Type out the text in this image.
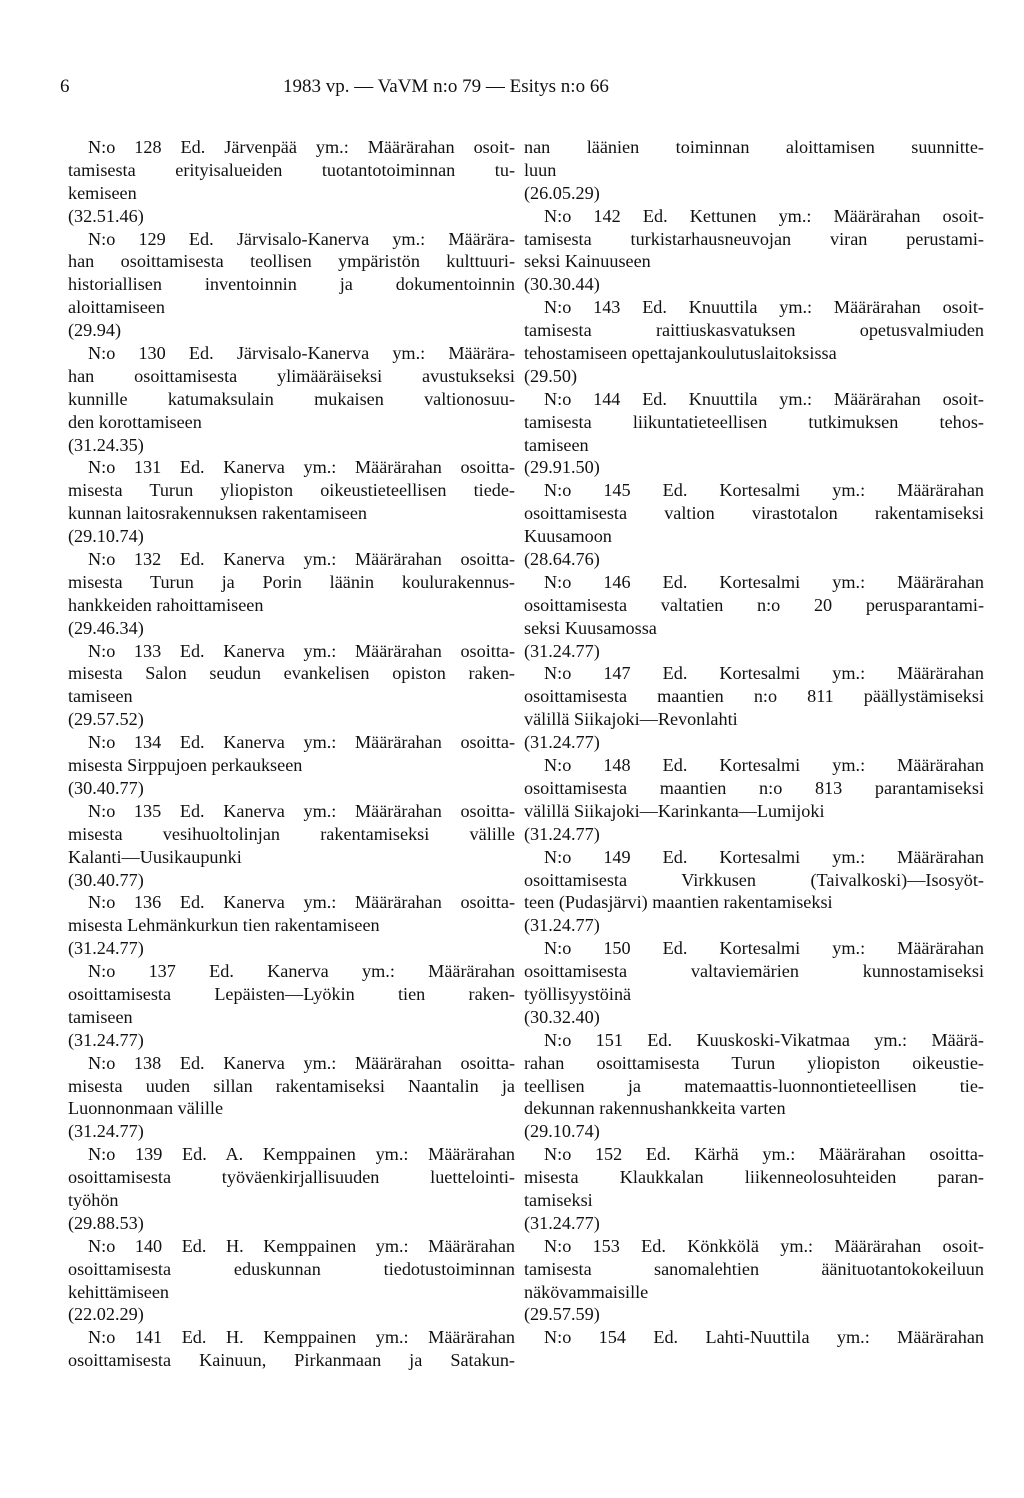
6	1983 vp. — VaVM n:o 79 — Esitys n:o 66
N:o 128 Ed. Järvenpää ym.: Määrärahan osoit-
tamisesta erityisalueiden tuotantotoiminnan tu-
kemiseen
(32.51.46)
N:o 129 Ed. Järvisalo-Kanerva ym.: Määrära-
han osoittamisesta teollisen ympäristön kulttuuri-
historiallisen inventoinnin ja dokumentoinnin
aloittamiseen
(29.94)
N:o 130 Ed. Järvisalo-Kanerva ym.: Määrära-
han osoittamisesta ylimääräiseksi avustukseksi
kunnille katumaksulain mukaisen valtionosuu-
den korottamiseen
(31.24.35)
N:o 131 Ed. Kanerva ym.: Määrärahan osoitta-
misesta Turun yliopiston oikeustieteellisen tiede-
kunnan laitosrakennuksen rakentamiseen
(29.10.74)
N:o 132 Ed. Kanerva ym.: Määrärahan osoitta-
misesta Turun ja Porin läänin koulurakennus-
hankkeiden rahoittamiseen
(29.46.34)
N:o 133 Ed. Kanerva ym.: Määrärahan osoitta-
misesta Salon seudun evankelisen opiston raken-
tamiseen
(29.57.52)
N:o 134 Ed. Kanerva ym.: Määrärahan osoitta-
misesta Sirppujoen perkaukseen
(30.40.77)
N:o 135 Ed. Kanerva ym.: Määrärahan osoitta-
misesta vesihuoltolinjan rakentamiseksi välille
Kalanti—Uusikaupunki
(30.40.77)
N:o 136 Ed. Kanerva ym.: Määrärahan osoitta-
misesta Lehmänkurkun tien rakentamiseen
(31.24.77)
N:o 137 Ed. Kanerva ym.: Määrärahan
osoittamisesta Lepäisten—Lyökin tien raken-
tamiseen
(31.24.77)
N:o 138 Ed. Kanerva ym.: Määrärahan osoitta-
misesta uuden sillan rakentamiseksi Naantalin ja
Luonnonmaan välille
(31.24.77)
N:o 139 Ed. A. Kemppainen ym.: Määrärahan
osoittamisesta työväenkirjallisuuden luettelointi-
työhön
(29.88.53)
N:o 140 Ed. H. Kemppainen ym.: Määrärahan
osoittamisesta eduskunnan tiedotustoiminnan
kehittämiseen
(22.02.29)
N:o 141 Ed. H. Kemppainen ym.: Määrärahan
osoittamisesta Kainuun, Pirkanmaan ja Satakun-
nan läänien toiminnan aloittamisen suunnitte-
luun
(26.05.29)
N:o 142 Ed. Kettunen ym.: Määrärahan osoit-
tamisesta turkistarhausneuvojan viran perustami-
seksi Kainuuseen
(30.30.44)
N:o 143 Ed. Knuuttila ym.: Määrärahan osoit-
tamisesta raittiuskasvatuksen opetusvalmiuden
tehostamiseen opettajankoulutuslaitoksissa
(29.50)
N:o 144 Ed. Knuuttila ym.: Määrärahan osoit-
tamisesta liikuntatieteellisen tutkimuksen tehos-
tamiseen
(29.91.50)
N:o 145 Ed. Kortesalmi ym.: Määrärahan
osoittamisesta valtion virastotalon rakentamiseksi
Kuusamoon
(28.64.76)
N:o 146 Ed. Kortesalmi ym.: Määrärahan
osoittamisesta valtatien n:o 20 perusparantami-
seksi Kuusamossa
(31.24.77)
N:o 147 Ed. Kortesalmi ym.: Määrärahan
osoittamisesta maantien n:o 811 päällystämiseksi
välillä Siikajoki—Revonlahti
(31.24.77)
N:o 148 Ed. Kortesalmi ym.: Määrärahan
osoittamisesta maantien n:o 813 parantamiseksi
välillä Siikajoki—Karinkanta—Lumijoki
(31.24.77)
N:o 149 Ed. Kortesalmi ym.: Määrärahan
osoittamisesta Virkkusen (Taivalkoski)—Isosyöt-
teen (Pudasjärvi) maantien rakentamiseksi
(31.24.77)
N:o 150 Ed. Kortesalmi ym.: Määrärahan
osoittamisesta valtaviemärien kunnostamiseksi
työllisyystöinä
(30.32.40)
N:o 151 Ed. Kuuskoski-Vikatmaa ym.: Määrä-
rahan osoittamisesta Turun yliopiston oikeustie-
teellisen ja matemaattis-luonnontieteellisen tie-
dekunnan rakennushankkeita varten
(29.10.74)
N:o 152 Ed. Kärhä ym.: Määrärahan osoitta-
misesta Klaukkalan liikenneolosuhteiden paran-
tamiseksi
(31.24.77)
N:o 153 Ed. Könkkölä ym.: Määrärahan osoit-
tamisesta sanomalehtien äänituotantokokeiluun
näkövammaisille
(29.57.59)
N:o 154 Ed. Lahti-Nuuttila ym.: Määrärahan
